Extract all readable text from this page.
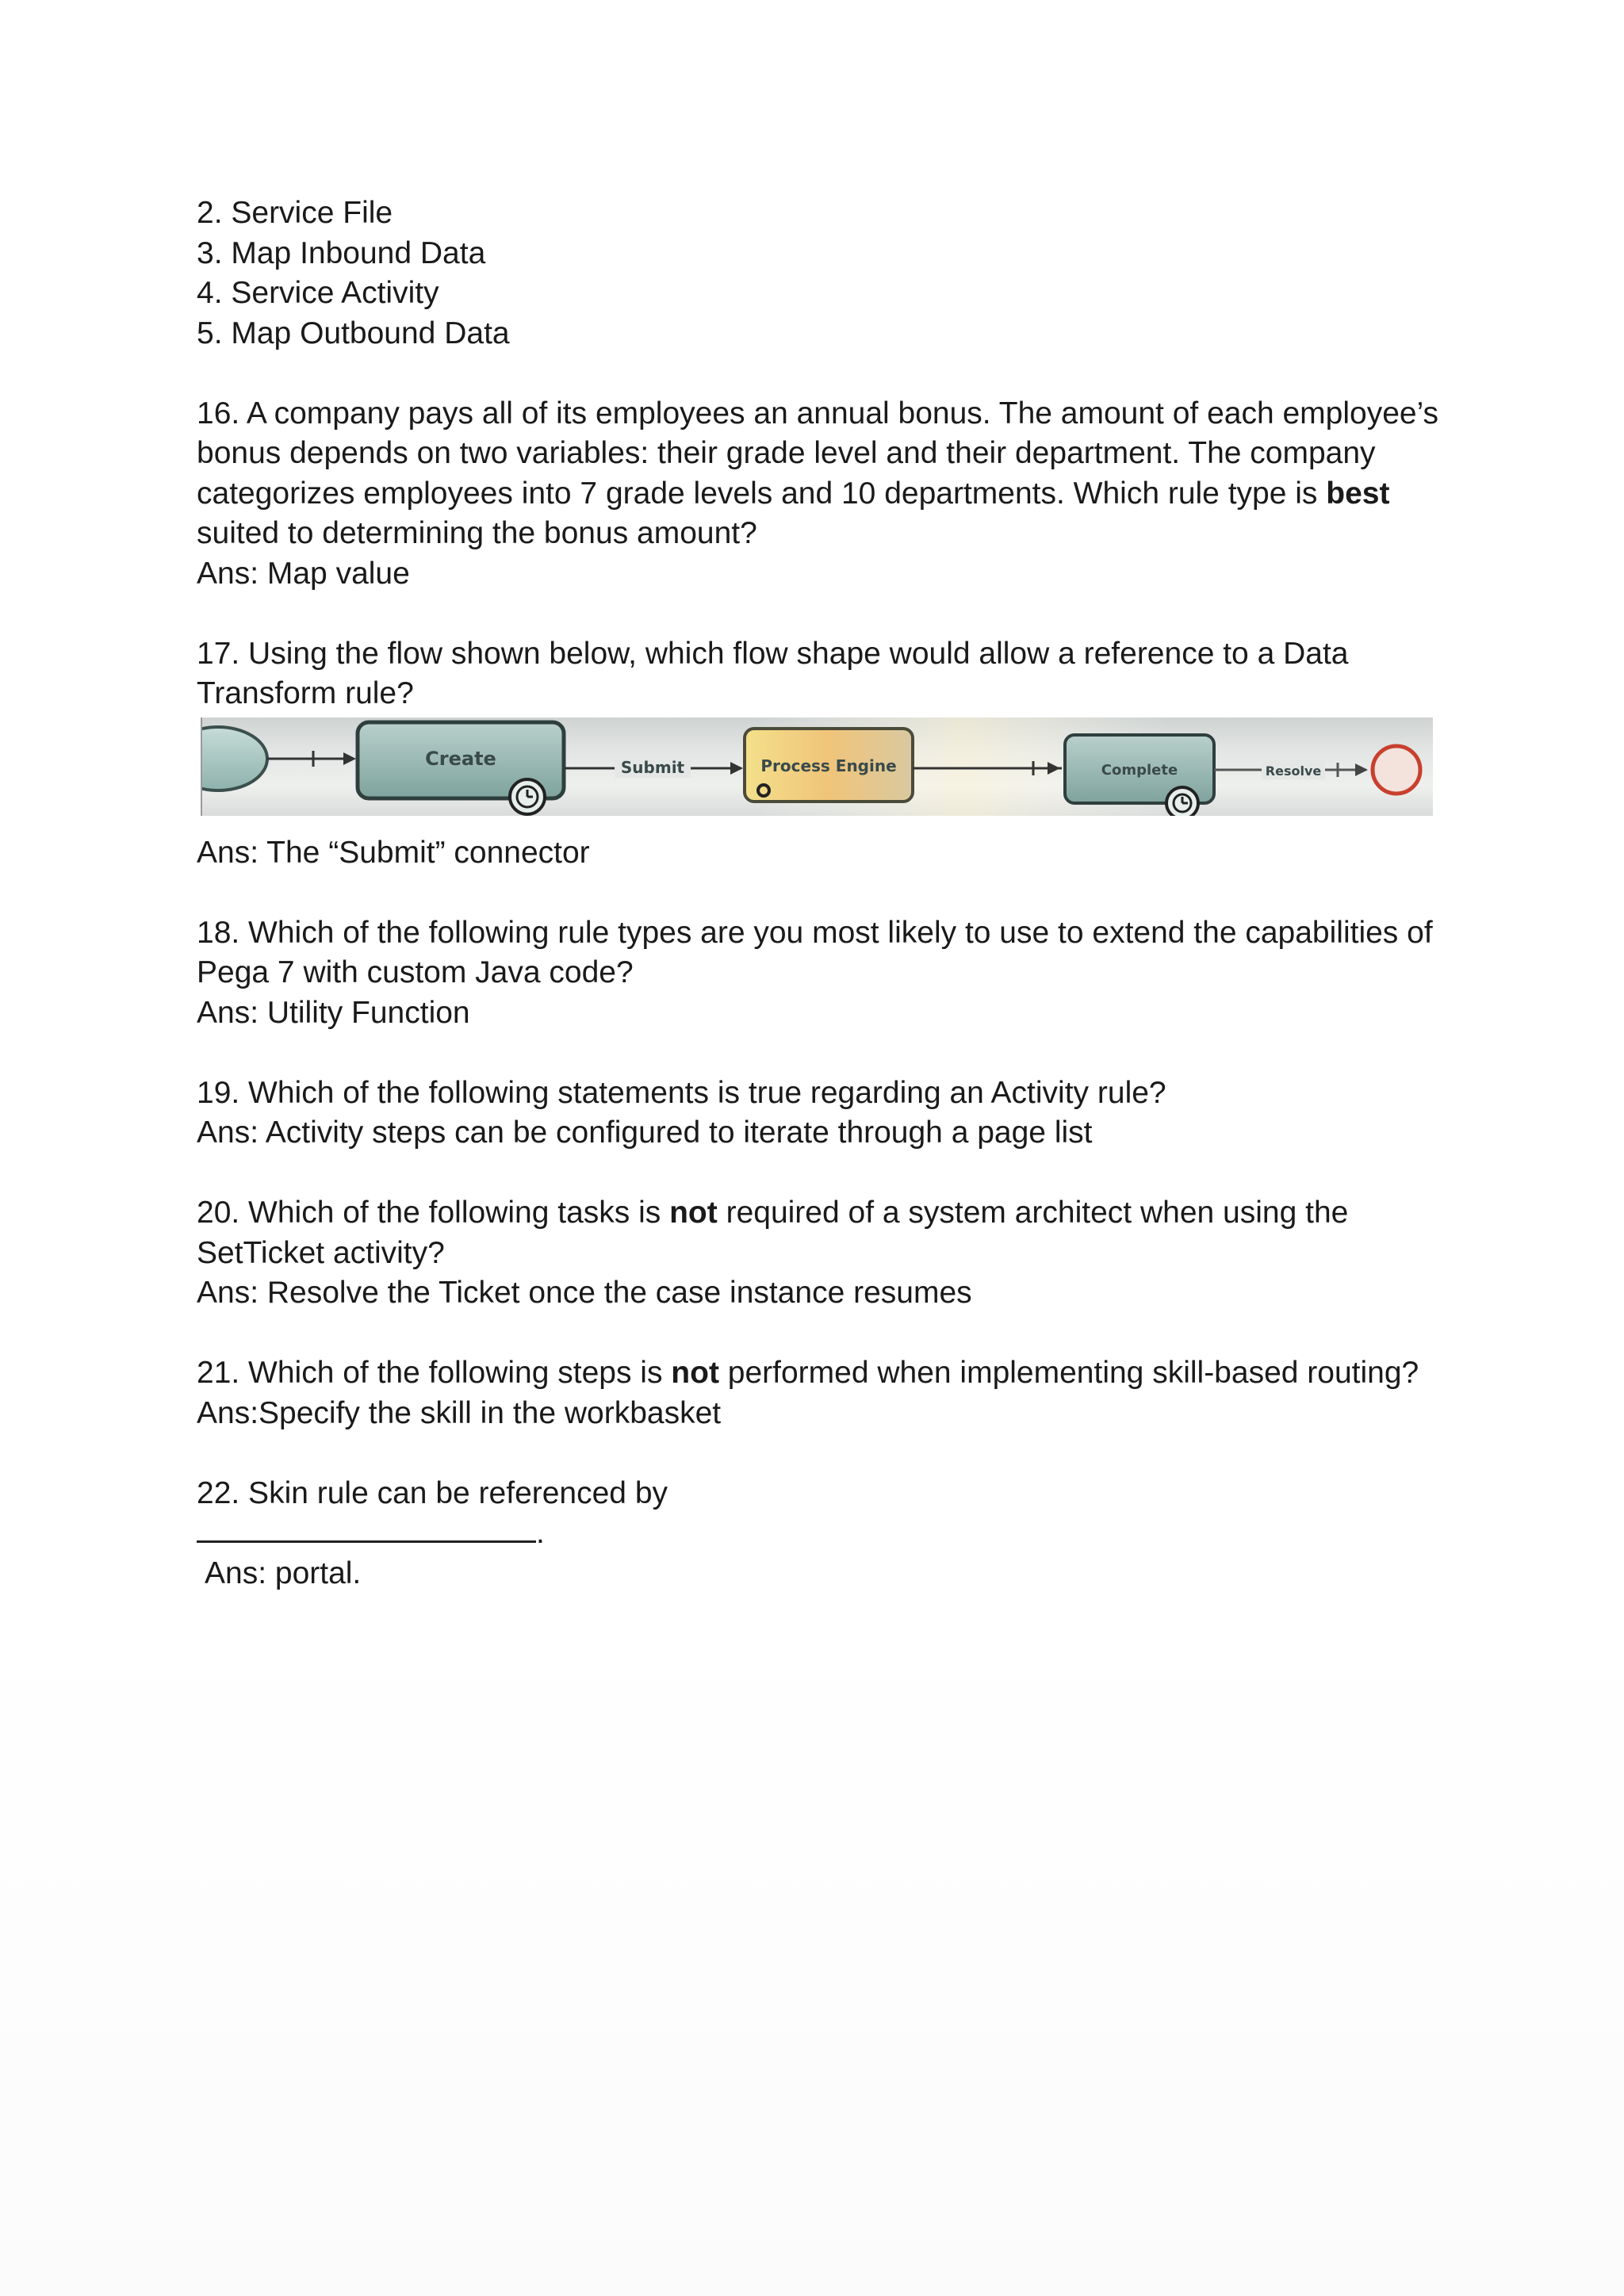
2. Service File
3. Map Inbound Data
4. Service Activity
5. Map Outbound Data
16. A company pays all of its employees an annual bonus. The amount of each employee’s
bonus depends on two variables: their grade level and their department. The company
categorizes employees into 7 grade levels and 10 departments. Which rule type is best
suited to determining the bonus amount?
Ans: Map value
17. Using the flow shown below, which flow shape would allow a reference to a Data
Transform rule?
Create	Submit	Process Engine	Complete	Resolve
Ans: The “Submit” connector
18. Which of the following rule types are you most likely to use to extend the capabilities of
Pega 7 with custom Java code?
Ans: Utility Function
19. Which of the following statements is true regarding an Activity rule?
Ans: Activity steps can be configured to iterate through a page list
20. Which of the following tasks is not required of a system architect when using the
SetTicket activity?
Ans: Resolve the Ticket once the case instance resumes
21. Which of the following steps is not performed when implementing skill-based routing?
Ans:Specify the skill in the workbasket
22. Skin rule can be referenced by
.
Ans: portal.
